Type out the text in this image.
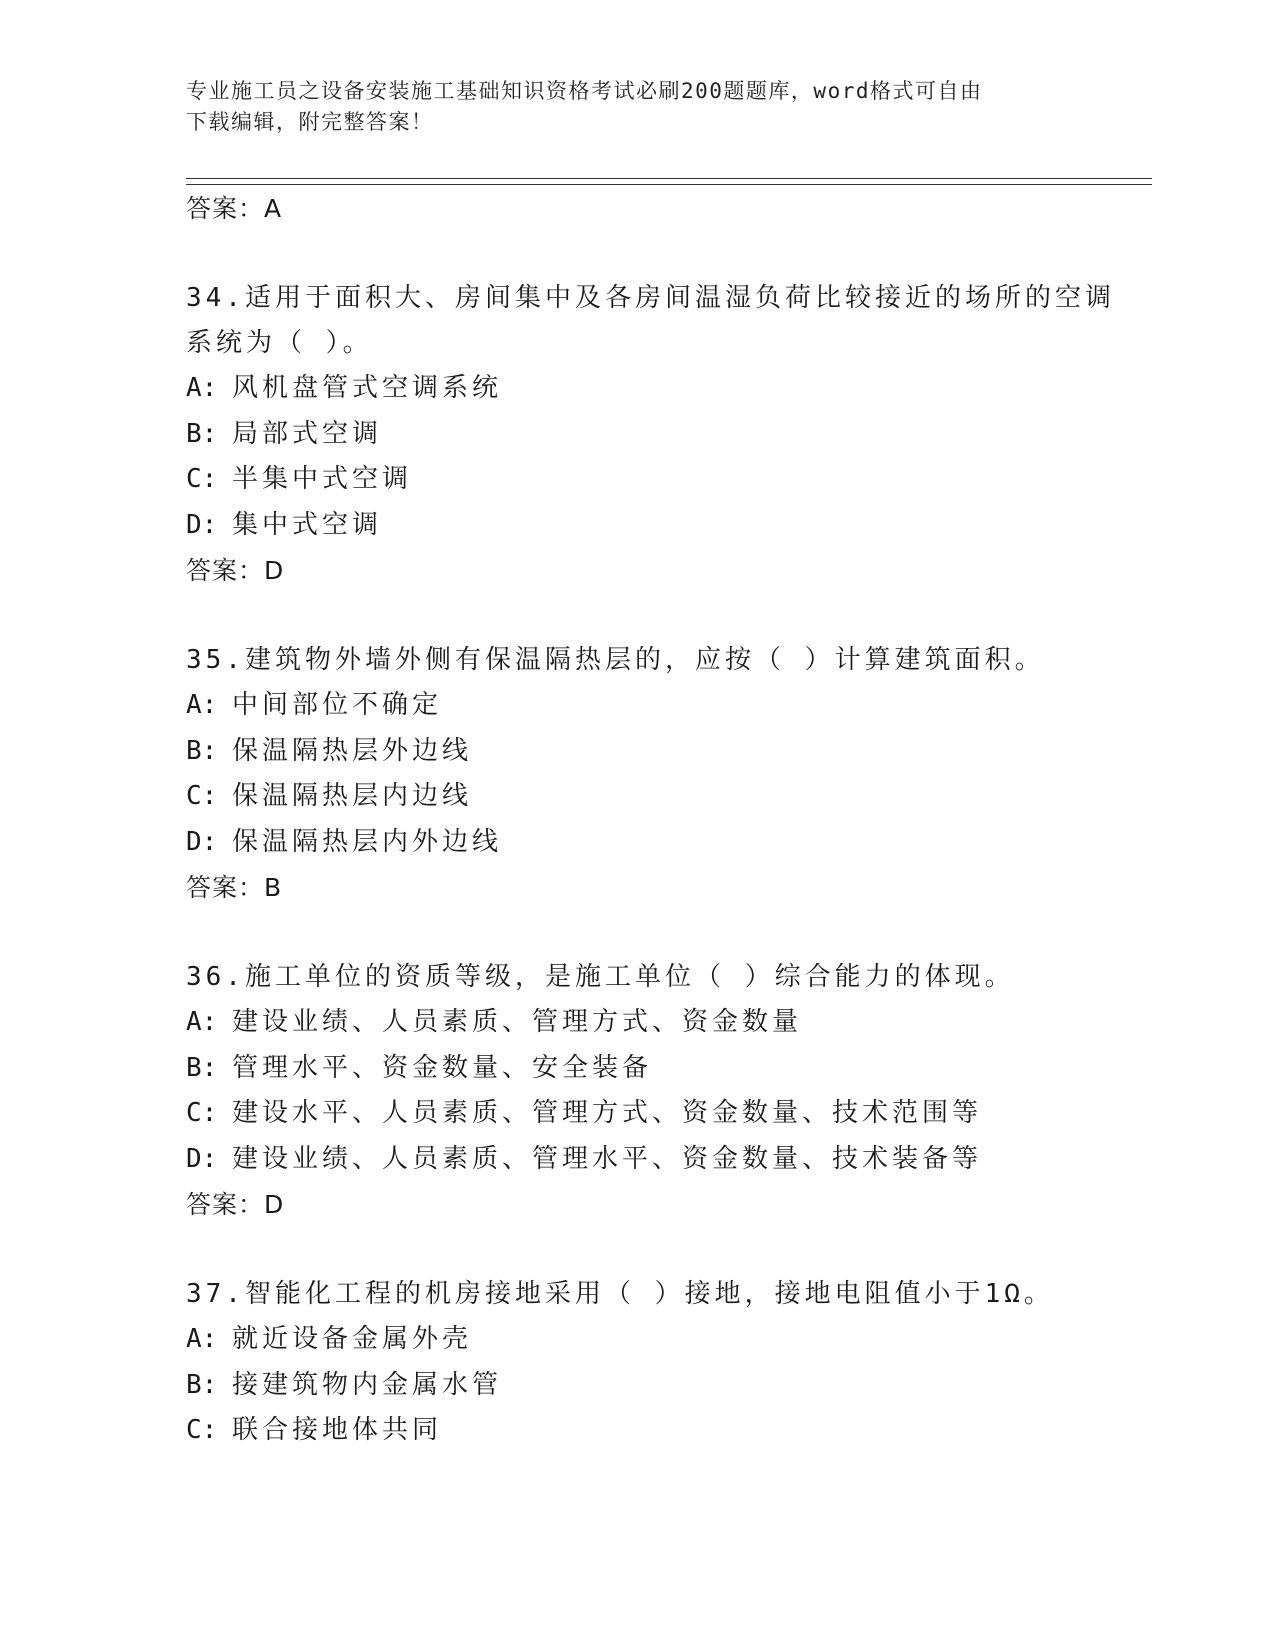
专业施工员之设备安装施工基础知识资格考试必刷200题题库，word格式可自由
下载编辑，附完整答案！
答案：A
34.适用于面积大、房间集中及各房间温湿负荷比较接近的场所的空调
系统为（ ）。
A: 风机盘管式空调系统
B: 局部式空调
C: 半集中式空调
D: 集中式空调
答案：D
35.建筑物外墙外侧有保温隔热层的，应按（ ）计算建筑面积。
A: 中间部位不确定
B: 保温隔热层外边线
C: 保温隔热层内边线
D: 保温隔热层内外边线
答案：B
36.施工单位的资质等级，是施工单位（ ）综合能力的体现。
A: 建设业绩、人员素质、管理方式、资金数量
B: 管理水平、资金数量、安全装备
C: 建设水平、人员素质、管理方式、资金数量、技术范围等
D: 建设业绩、人员素质、管理水平、资金数量、技术装备等
答案：D
37.智能化工程的机房接地采用（ ）接地，接地电阻值小于1Ω。
A: 就近设备金属外壳
B: 接建筑物内金属水管
C: 联合接地体共同
